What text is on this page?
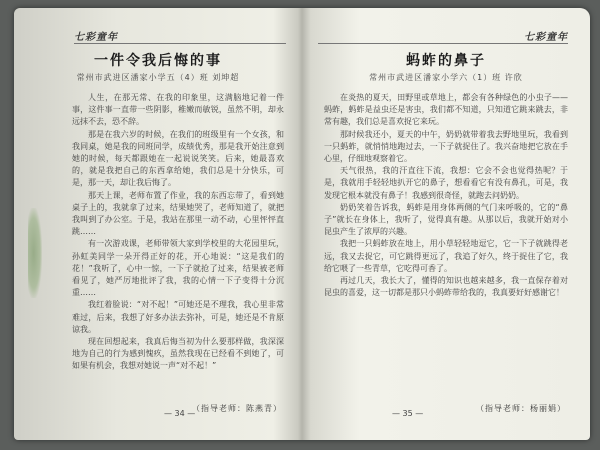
七彩童年
一件令我后悔的事
常州市武进区潘家小学五（4）班 刘坤超

人生，在那无常、在我的印象里，这满脑地记着一件事，这件事一直带一些阴影，稚嫩而敏锐，虽然不明，却永远抹不去，恐不辞。

那是在我六岁的时候，在我们的班级里有一个女孩，和我同桌，她是我的同班同学，成绩优秀，那是我开始注意到她的时候，每天都跟她在一起说说笑笑。后来，她最喜欢的，就是我把自己的东西拿给她，我们总是十分快乐，可是，那一天，却让我后悔了。

那天上课，老师布置了作业，我的东西忘带了，看到她桌子上的，我就拿了过来，结果她哭了，老师知道了，就把我叫到了办公室。于是，我站在那里一动不动，心里怦怦直跳……

有一次游戏课，老师带领大家到学校里的大花园里玩，孙虹美同学一朵开得正好的花，开心地说：“这是我们的花！”我听了，心中一惊，一下子就抢了过来，结果被老师看见了，她严厉地批评了我，我的心情一下子变得十分沉重……

我红着脸说：“对不起！”可她还是不理我，我心里非常难过，后来，我想了好多办法去弥补，可是，她还是不肯原谅我。

现在回想起来，我真后悔当初为什么要那样做，我深深地为自己的行为感到愧疚，虽然我现在已经看不到她了，可如果有机会，我想对她说一声“对不起！”

— 34 —
（指导老师：陈燕青）
七彩童年
蚂蚱的鼻子
常州市武进区潘家小学六（1）班 许欣

在炎热的夏天，田野里或草地上，都会有各种绿色的小虫子——蚂蚱，蚂蚱是益虫还是害虫，我们都不知道，只知道它跳来跳去，非常有趣，我们总是喜欢捉它来玩。

那时候我还小，夏天的中午，奶奶就带着我去野地里玩，我看到一只蚂蚱，就悄悄地跑过去，一下子就捉住了。我兴奋地把它放在手心里，仔细地观察着它。

天气很热，我的汗直往下流，我想：它会不会也觉得热呢？于是，我就用手轻轻地扒开它的鼻子，想看看它有没有鼻孔，可是，我发现它根本就没有鼻子！我感到很奇怪，就跑去问奶奶。

奶奶笑着告诉我，蚂蚱是用身体两侧的气门来呼吸的，它的“鼻子”就长在身体上，我听了，觉得真有趣。从那以后，我就开始对小昆虫产生了浓厚的兴趣。

我把一只蚂蚱放在地上，用小草轻轻地逗它，它一下子就跳得老远，我又去捉它，可它跳得更远了，我追了好久，终于捉住了它，我给它喂了一些青草，它吃得可香了。

再过几天，我长大了，懂得的知识也越来越多，我一直保存着对昆虫的喜爱，这一切都是那只小蚂蚱带给我的，我真要好好感谢它！

— 35 —
（指导老师：杨丽娟）
